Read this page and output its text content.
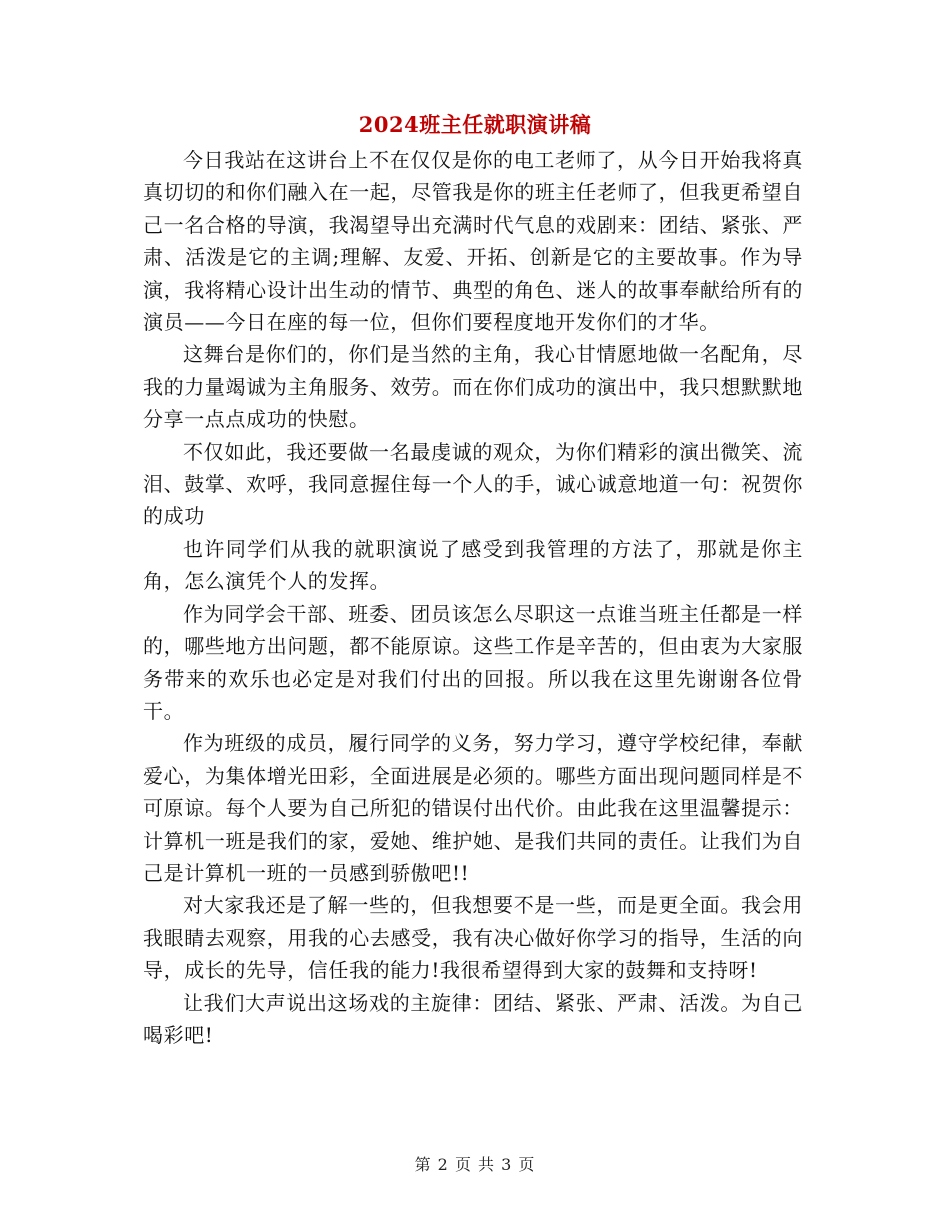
2024班主任就职演讲稿

今日我站在这讲台上不在仅仅是你的电工老师了，从今日开始我将真真切切的和你们融入在一起，尽管我是你的班主任老师了，但我更希望自己一名合格的导演，我渴望导出充满时代气息的戏剧来：团结、紧张、严肃、活泼是它的主调;理解、友爱、开拓、创新是它的主要故事。作为导演，我将精心设计出生动的情节、典型的角色、迷人的故事奉献给所有的演员——今日在座的每一位，但你们要程度地开发你们的才华。

这舞台是你们的，你们是当然的主角，我心甘情愿地做一名配角，尽我的力量竭诚为主角服务、效劳。而在你们成功的演出中，我只想默默地分享一点点成功的快慰。

不仅如此，我还要做一名最虔诚的观众，为你们精彩的演出微笑、流泪、鼓掌、欢呼，我同意握住每一个人的手，诚心诚意地道一句：祝贺你的成功

也许同学们从我的就职演说了感受到我管理的方法了，那就是你主角，怎么演凭个人的发挥。

作为同学会干部、班委、团员该怎么尽职这一点谁当班主任都是一样的，哪些地方出问题，都不能原谅。这些工作是辛苦的，但由衷为大家服务带来的欢乐也必定是对我们付出的回报。所以我在这里先谢谢各位骨干。

作为班级的成员，履行同学的义务，努力学习，遵守学校纪律，奉献爱心，为集体增光田彩，全面进展是必须的。哪些方面出现问题同样是不可原谅。每个人要为自己所犯的错误付出代价。由此我在这里温馨提示：计算机一班是我们的家，爱她、维护她、是我们共同的责任。让我们为自己是计算机一班的一员感到骄傲吧!!

对大家我还是了解一些的，但我想要不是一些，而是更全面。我会用我眼睛去观察，用我的心去感受，我有决心做好你学习的指导，生活的向导，成长的先导，信任我的能力!我很希望得到大家的鼓舞和支持呀!

让我们大声说出这场戏的主旋律：团结、紧张、严肃、活泼。为自己喝彩吧!

第 2 页 共 3 页
